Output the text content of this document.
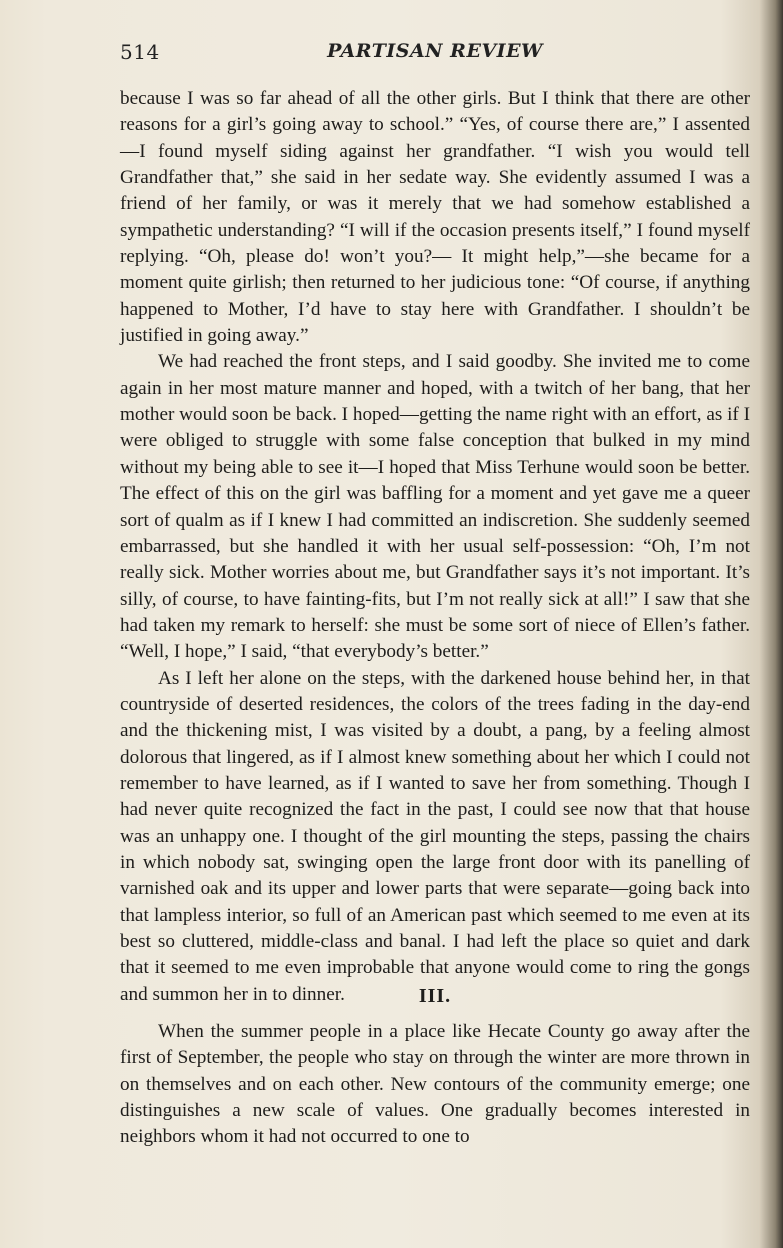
514	PARTISAN REVIEW

because I was so far ahead of all the other girls. But I think that there are other reasons for a girl’s going away to school.” “Yes, of course there are,” I assented—I found myself siding against her grandfather. “I wish you would tell Grandfather that,” she said in her sedate way. She evidently assumed I was a friend of her family, or was it merely that we had somehow established a sympathetic understanding? “I will if the occasion presents itself,” I found myself replying. “Oh, please do! won’t you?— It might help,”—she became for a moment quite girlish; then returned to her judicious tone: “Of course, if anything happened to Mother, I’d have to stay here with Grandfather. I shouldn’t be justified in going away.”

We had reached the front steps, and I said goodby. She invited me to come again in her most mature manner and hoped, with a twitch of her bang, that her mother would soon be back. I hoped—getting the name right with an effort, as if I were obliged to struggle with some false conception that bulked in my mind without my being able to see it—I hoped that Miss Terhune would soon be better. The effect of this on the girl was baffling for a moment and yet gave me a queer sort of qualm as if I knew I had committed an indiscretion. She suddenly seemed embarrassed, but she handled it with her usual self-possession: “Oh, I’m not really sick. Mother worries about me, but Grandfather says it’s not important. It’s silly, of course, to have fainting-fits, but I’m not really sick at all!” I saw that she had taken my remark to herself: she must be some sort of niece of Ellen’s father. “Well, I hope,” I said, “that everybody’s better.”

As I left her alone on the steps, with the darkened house behind her, in that countryside of deserted residences, the colors of the trees fading in the day-end and the thickening mist, I was visited by a doubt, a pang, by a feeling almost dolorous that lingered, as if I almost knew something about her which I could not remember to have learned, as if I wanted to save her from something. Though I had never quite recognized the fact in the past, I could see now that that house was an unhappy one. I thought of the girl mounting the steps, passing the chairs in which nobody sat, swinging open the large front door with its panelling of varnished oak and its upper and lower parts that were separate—going back into that lampless interior, so full of an American past which seemed to me even at its best so cluttered, middle-class and banal. I had left the place so quiet and dark that it seemed to me even improbable that anyone would come to ring the gongs and summon her in to dinner.	III.

When the summer people in a place like Hecate County go away after the first of September, the people who stay on through the winter are more thrown in on themselves and on each other. New contours of the community emerge; one distinguishes a new scale of values. One gradually becomes interested in neighbors whom it had not occurred to one to
